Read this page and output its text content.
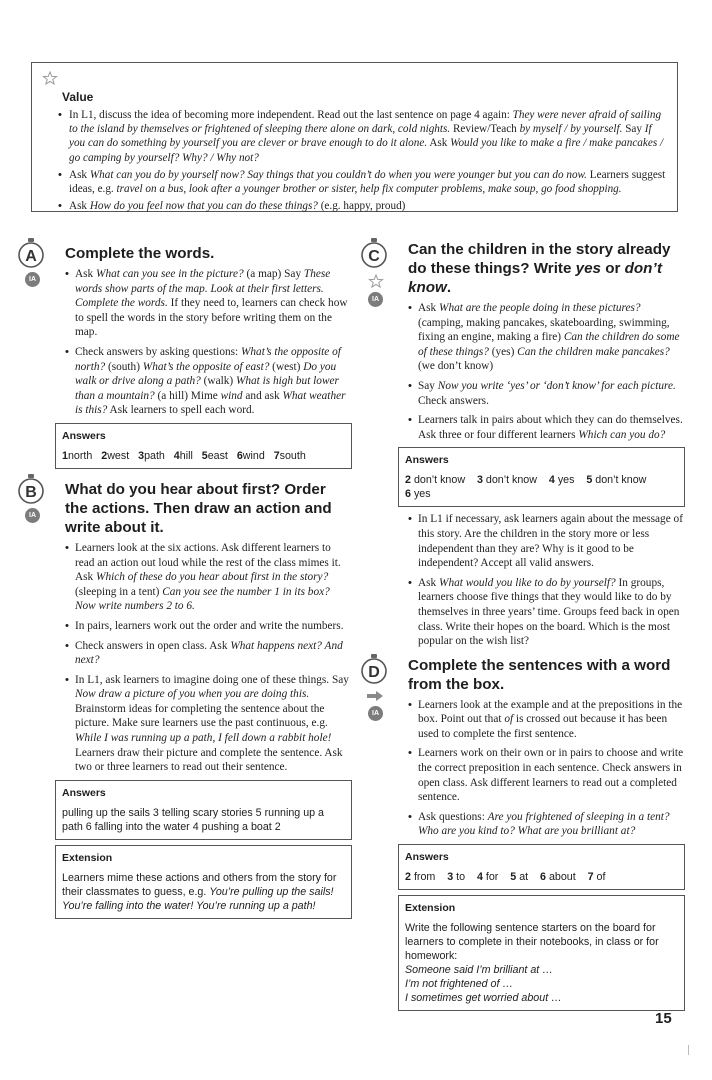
Value
• In L1, discuss the idea of becoming more independent. Read out the last sentence on page 4 again: They were never afraid of sailing to the island by themselves or frightened of sleeping there alone on dark, cold nights. Review/Teach by myself / by yourself. Say If you can do something by yourself you are clever or brave enough to do it alone. Ask Would you like to make a fire / make pancakes / go camping by yourself? Why? / Why not?
• Ask What can you do by yourself now? Say things that you couldn’t do when you were younger but you can do now. Learners suggest ideas, e.g. travel on a bus, look after a younger brother or sister, help fix computer problems, make soup, go food shopping.
• Ask How do you feel now that you can do these things? (e.g. happy, proud)
A
IA
Complete the words.
• Ask What can you see in the picture? (a map) Say These words show parts of the map. Look at their first letters. Complete the words. If they need to, learners can check how to spell the words in the story before writing them on the map.
• Check answers by asking questions: What’s the opposite of north? (south) What’s the opposite of east? (west) Do you walk or drive along a path? (walk) What is high but lower than a mountain? (a hill) Mime wind and ask What weather is this? Ask learners to spell each word.
Answers
1north 2west 3path 4hill 5east 6wind 7south
B
IA
What do you hear about first? Order the actions. Then draw an action and write about it.
• Learners look at the six actions. Ask different learners to read an action out loud while the rest of the class mimes it. Ask Which of these do you hear about first in the story? (sleeping in a tent) Can you see the number 1 in its box? Now write numbers 2 to 6.
• In pairs, learners work out the order and write the numbers.
• Check answers in open class. Ask What happens next? And next?
• In L1, ask learners to imagine doing one of these things. Say Now draw a picture of you when you are doing this. Brainstorm ideas for completing the sentence about the picture. Make sure learners use the past continuous, e.g. While I was running up a path, I fell down a rabbit hole! Learners draw their picture and complete the sentence. Ask two or three learners to read out their sentence.
Answers
pulling up the sails 3 telling scary stories 5 running up a path 6 falling into the water 4 pushing a boat 2
Extension
Learners mime these actions and others from the story for their classmates to guess, e.g. You’re pulling up the sails! You’re falling into the water! You’re running up a path!
C
IA
Can the children in the story already do these things? Write yes or don’t know.
• Ask What are the people doing in these pictures? (camping, making pancakes, skateboarding, swimming, fixing an engine, making a fire) Can the children do some of these things? (yes) Can the children make pancakes? (we don’t know)
• Say Now you write ‘yes’ or ‘don’t know’ for each picture. Check answers.
• Learners talk in pairs about which they can do themselves. Ask three or four different learners Which can you do?
Answers
2 don’t know 3 don’t know 4 yes 5 don’t know
6 yes
• In L1 if necessary, ask learners again about the message of this story. Are the children in the story more or less independent than they are? Why is it good to be independent? Accept all valid answers.
• Ask What would you like to do by yourself? In groups, learners choose five things that they would like to do by themselves in three years’ time. Groups feed back in open class. Write their hopes on the board. Which is the most popular on the wish list?
D
IA
Complete the sentences with a word from the box.
• Learners look at the example and at the prepositions in the box. Point out that of is crossed out because it has been used to complete the first sentence.
• Learners work on their own or in pairs to choose and write the correct preposition in each sentence. Check answers in open class. Ask different learners to read out a completed sentence.
• Ask questions: Are you frightened of sleeping in a tent? Who are you kind to? What are you brilliant at?
Answers
2 from 3 to 4 for 5 at 6 about 7 of
Extension
Write the following sentence starters on the board for learners to complete in their notebooks, in class or for homework:
Someone said I’m brilliant at …
I’m not frightened of …
I sometimes get worried about …
15
